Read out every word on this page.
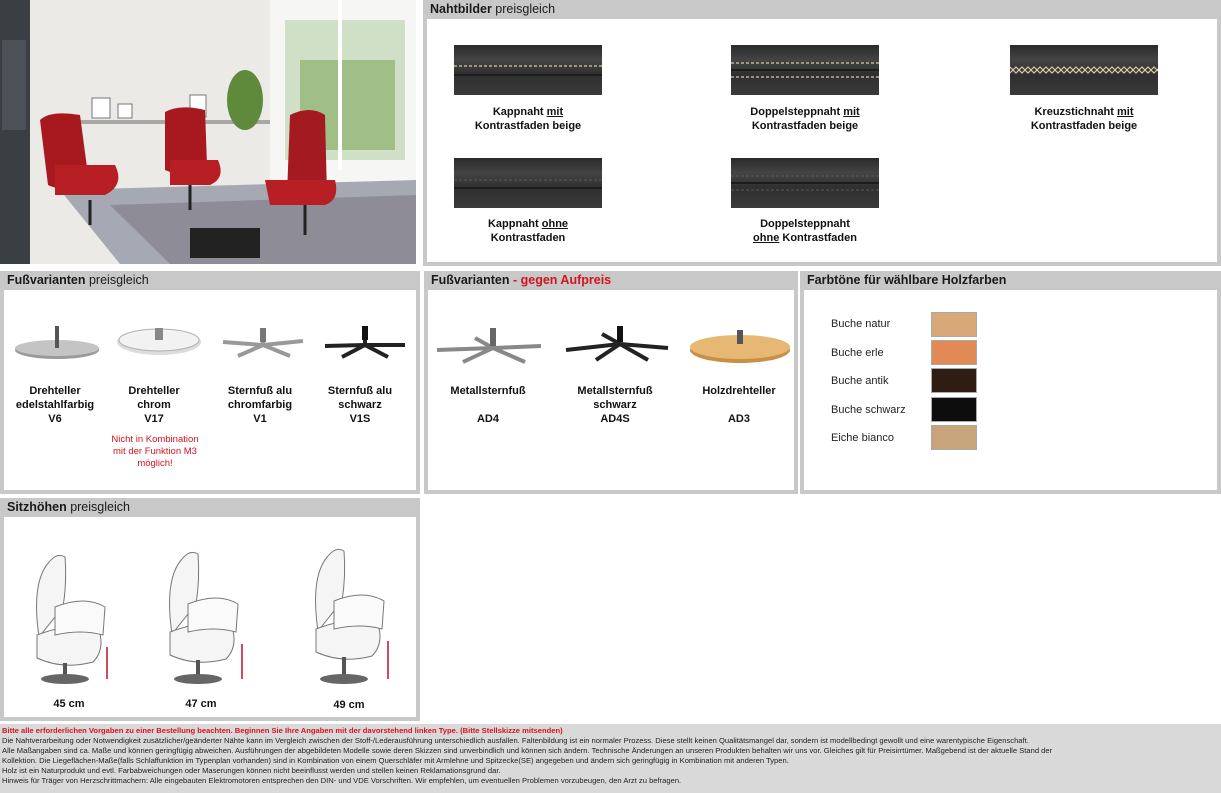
Nahtbilder preisgleich
Kappnaht mit
Kontrastfaden beige
Doppelsteppnaht mit
Kontrastfaden beige
Kreuzstichnaht mit
Kontrastfaden beige
Kappnaht ohne
Kontrastfaden
Doppelsteppnaht
ohne Kontrastfaden
Fußvarianten preisgleich
Drehteller
edelstahlfarbig
V6
Drehteller
chrom
V17
Sternfuß alu
chromfarbig
V1
Sternfuß alu
schwarz
V1S
Nicht in Kombination
mit der Funktion M3
möglich!
Fußvarianten - gegen Aufpreis
Metallsternfuß

AD4
Metallsternfuß
schwarz
AD4S
Holzdrehteller

AD3
Farbtöne für wählbare Holzfarben
Buche natur
Buche erle
Buche antik
Buche schwarz
Eiche bianco
Sitzhöhen preisgleich
45 cm	47 cm	49 cm
Bitte alle erforderlichen Vorgaben zu einer Bestellung beachten. Beginnen Sie Ihre Angaben mit der davorstehend linken Type. (Bitte Stellskizze mitsenden)
Die Nahtverarbeitung oder Notwendigkeit zusätzlicher/geänderter Nähte kann im Vergleich zwischen der Stoff-/Lederausführung unterschiedlich ausfallen. Faltenbildung ist ein normaler Prozess. Diese stellt keinen Qualitätsmangel dar, sondern ist modellbedingt gewollt und eine warentypische Eigenschaft.
Alle Maßangaben sind ca. Maße und können geringfügig abweichen. Ausführungen der abgebildeten Modelle sowie deren Skizzen sind unverbindlich und können sich ändern. Technische Änderungen an unseren Produkten behalten wir uns vor. Gleiches gilt für Preisirrtümer. Maßgebend ist der aktuelle Stand der
Kollektion. Die Liegeflächen-Maße(falls Schlaffunktion im Typenplan vorhanden) sind in Kombination von einem Querschläfer mit Armlehne und Spitzecke(SE) angegeben und ändern sich geringfügig in Kombination mit anderen Typen.
Holz ist ein Naturprodukt und evtl. Farbabweichungen oder Maserungen können nicht beeinflusst werden und stellen keinen Reklamationsgrund dar.
Hinweis für Träger von Herzschrittmachern: Alle eingebauten Elektromotoren entsprechen den DIN- und VDE Vorschriften. Wir empfehlen, um eventuellen Problemen vorzubeugen, den Arzt zu befragen.
